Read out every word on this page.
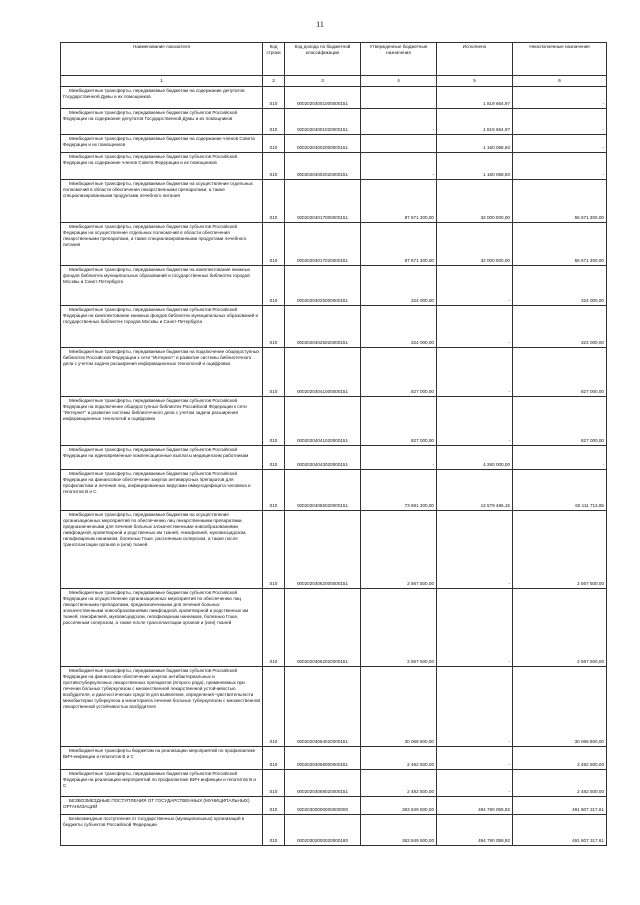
11
Наименование показателя	Код строки	Код дохода по бюджетной классификации	Утвержденные бюджетные назначения	Исполнено	Неисполненные назначения
1	2	3	4	5	6
Межбюджетные трансферты, передаваемые бюджетам на содержание депутатов Государственной Думы и их помощников	010	00020204001000000151		1 819 664,97	-
Межбюджетные трансферты, передаваемые бюджетам субъектов Российской Федерации на содержание депутатов Государственной Думы и их помощников	010	00020204001020000151	-	1 819 664,97	-
Межбюджетные трансферты, передаваемые бюджетам на содержание членов Совета Федерации и их помощников	010	00020204002000000151		1 160 068,60	-
Межбюджетные трансферты, передаваемые бюджетам субъектов Российской Федерации на содержание членов Совета Федерации и их помощников	010	00020204002020000151	-	1 160 068,60	-
Межбюджетные трансферты, передаваемые бюджетам на осуществление отдельных полномочий в области обеспечения лекарственными препаратами, а также специализированными продуктами лечебного питания	010	00020204017000000151	87 671 300,00	32 000 000,00	55 671 300,00
Межбюджетные трансферты, передаваемые бюджетам субъектов Российской Федерации на осуществление отдельных полномочий в области обеспечения лекарственными препаратами, а также специализированными продуктами лечебного питания	010	00020204017020000151	87 671 300,00	32 000 000,00	55 671 300,00
Межбюджетные трансферты, передаваемые бюджетам на комплектование книжных фондов библиотек муниципальных образований и государственных библиотек городов Москвы и Санкт-Петербурга	010	00020204025000000151	324 000,00	-	324 000,00
Межбюджетные трансферты, передаваемые бюджетам субъектов Российской Федерации на комплектование книжных фондов библиотек муниципальных образований и государственных библиотек городов Москвы и Санкт-Петербурга	010	00020204025020000151	324 000,00	-	324 000,00
Межбюджетные трансферты, передаваемые бюджетам на подключение общедоступных библиотек Российской Федерации к сети "Интернет" и развитие системы библиотечного дела с учетом задачи расширения информационных технологий и оцифровки	010	00020204041000000151	827 000,00	-	827 000,00
Межбюджетные трансферты, передаваемые бюджетам субъектов Российской Федерации на подключение общедоступных библиотек Российской Федерации к сети "Интернет" и развитие системы библиотечного дела с учетом задачи расширения информационных технологий и оцифровки	010	00020204041020000151	827 000,00	-	827 000,00
Межбюджетные трансферты, передаваемые бюджетам субъектов Российской Федерации на единовременные компенсационные выплаты медицинским работникам	010	00020204043020000151	-	4 260 000,00	-
Межбюджетные трансферты, передаваемые бюджетам субъектов Российской Федерации на финансовое обеспечение закупок антивирусных препаратов для профилактики и лечения лиц, инфицированных вирусами иммунодефицита человека и гепатитов В и С	010	00020204055020000151	73 691 300,00	13 579 486,15	60 111 713,85
Межбюджетные трансферты, передаваемые бюджетам на осуществление организационных мероприятий по обеспечению лиц лекарственными препаратами, предназначенными для лечения больных злокачественными новообразованиями лимфоидной, кроветворной и родственных им тканей, гемофилией, муковисцидозом, гипофизарным нанизмом, болезнью Гоше, рассеянным склерозом, а также после трансплантации органов и (или) тканей	010	00020204062000000151	2 567 500,00	-	2 567 500,00
Межбюджетные трансферты, передаваемые бюджетам субъектов Российской Федерации на осуществление организационных мероприятий по обеспечению лиц лекарственными препаратами, предназначенными для лечения больных злокачественными новообразованиями лимфоидной, кроветворной и родственных им тканей, гемофилией, муковисцидозом, гипофизарным нанизмом, болезнью Гоше, рассеянным склерозом, а также после трансплантации органов и (или) тканей	010	00020204062020000151	2 567 500,00	-	2 567 500,00
Межбюджетные трансферты, передаваемые бюджетам субъектов Российской Федерации на финансовое обеспечение закупок антибактериальных и противотуберкулезных лекарственных препаратов (второго ряда), применяемых при лечении больных туберкулезом с множественной лекарственной устойчивостью возбудителя, и диагностических средств для выявления, определения чувствительности микобактерии туберкулеза и мониторинга лечения больных туберкулезом с множественной лекарственной устойчивостью возбудителя	010	00020204064020000151	30 068 900,00	-	30 068 900,00
Межбюджетные трансферты бюджетам на реализацию мероприятий по профилактике ВИЧ-инфекции и гепатитов В и С	010	00020204068000000151	2 482 500,00	-	2 482 500,00
Межбюджетные трансферты, передаваемые бюджетам субъектов Российской Федерации на реализацию мероприятий по профилактике ВИЧ-инфекции и гепатитов В и С	010	00020204068020000151	2 482 500,00	-	2 482 500,00
БЕЗВОЗМЕЗДНЫЕ ПОСТУПЛЕНИЯ ОТ ГОСУДАРСТВЕННЫХ (МУНИЦИПАЛЬНЫХ) ОРГАНИЗАЦИЙ	010	00020300000000000000	363 849 500,00	494 790 059,92	491 607 317,61
Безвозмездные поступления от государственных (муниципальных) организаций в бюджеты субъектов Российской Федерации	010	00020302000020000180	363 849 500,00	494 790 059,92	491 607 317,61
